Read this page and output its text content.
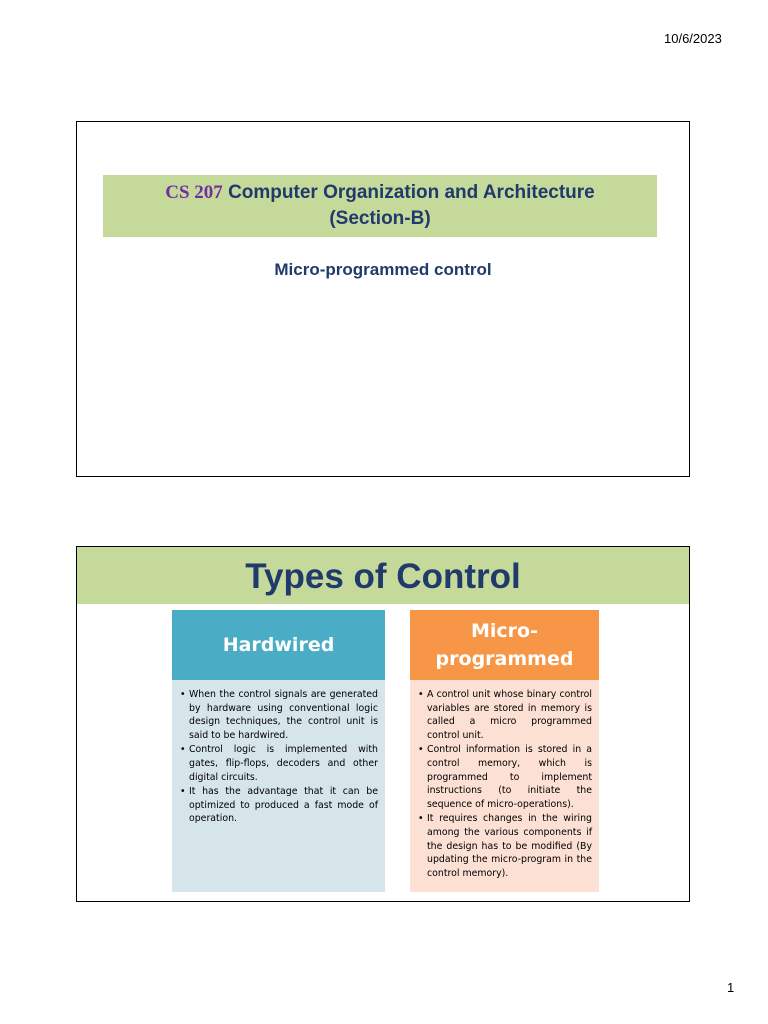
10/6/2023
CS 207 Computer Organization and Architecture
(Section-B)
Micro-programmed control
Types of Control
Hardwired
• When the control signals are generated by hardware using conventional logic design techniques, the control unit is said to be hardwired.
• Control logic is implemented with gates, flip-flops, decoders and other digital circuits.
• It has the advantage that it can be optimized to produced a fast mode of operation.
Micro-
programmed
• A control unit whose binary control variables are stored in memory is called a micro programmed control unit.
• Control information is stored in a control memory, which is programmed to implement instructions (to initiate the sequence of micro-operations).
• It requires changes in the wiring among the various components if the design has to be modified (By updating the micro-program in the control memory).
1
